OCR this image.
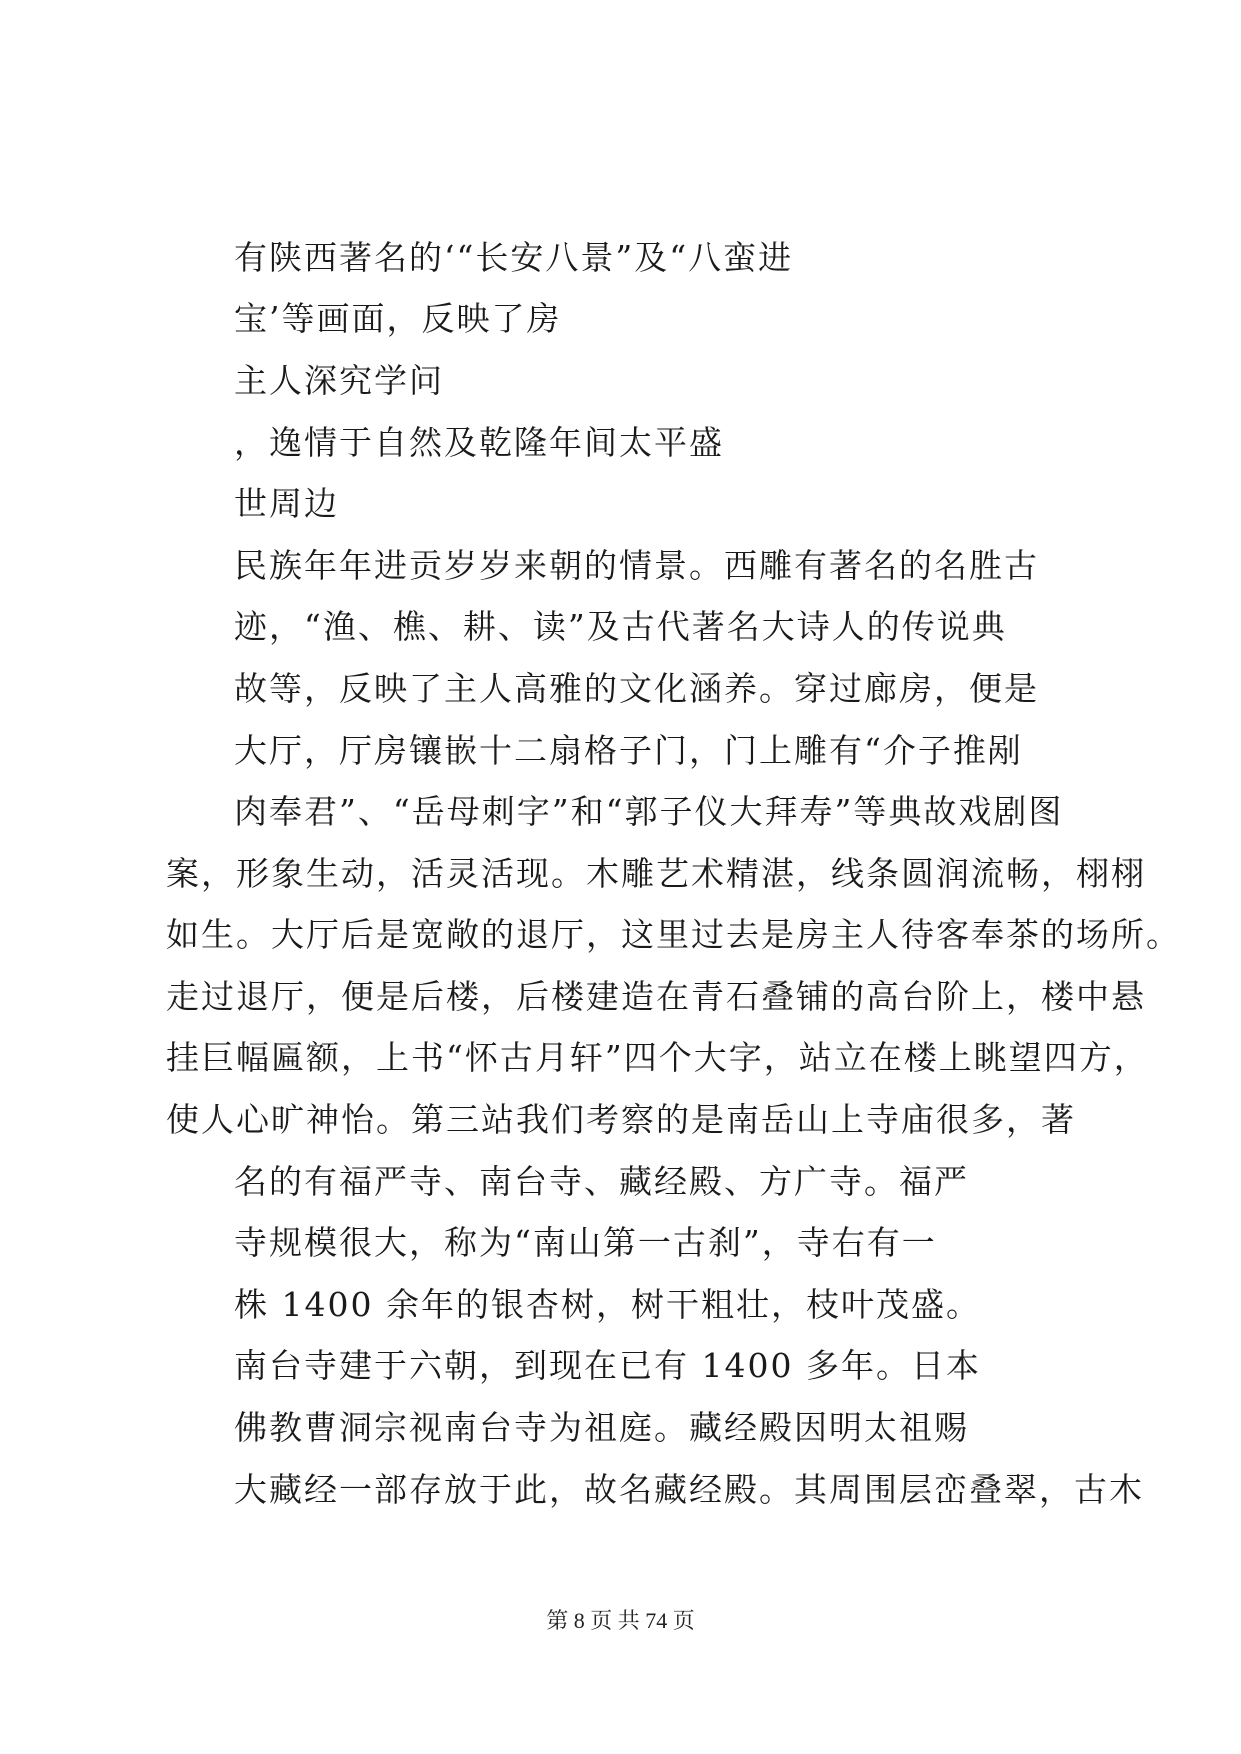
有陕西著名的‘“长安八景”及“八蛮进
宝’等画面，反映了房
主人深究学问
，逸情于自然及乾隆年间太平盛
世周边
民族年年进贡岁岁来朝的情景。西雕有著名的名胜古
迹，“渔、樵、耕、读”及古代著名大诗人的传说典
故等，反映了主人高雅的文化涵养。穿过廊房，便是
大厅，厅房镶嵌十二扇格子门，门上雕有“介子推剐
肉奉君”、“岳母刺字”和“郭子仪大拜寿”等典故戏剧图
案，形象生动，活灵活现。木雕艺术精湛，线条圆润流畅，栩栩
如生。大厅后是宽敞的退厅，这里过去是房主人待客奉茶的场所。
走过退厅，便是后楼，后楼建造在青石叠铺的高台阶上，楼中悬
挂巨幅匾额，上书“怀古月轩”四个大字，站立在楼上眺望四方，
使人心旷神怡。第三站我们考察的是南岳山上寺庙很多，著
名的有福严寺、南台寺、藏经殿、方广寺。福严
寺规模很大，称为“南山第一古刹”，寺右有一
株 1400 余年的银杏树，树干粗壮，枝叶茂盛。
南台寺建于六朝，到现在已有 1400 多年。日本
佛教曹洞宗视南台寺为祖庭。藏经殿因明太祖赐
大藏经一部存放于此，故名藏经殿。其周围层峦叠翠，古木
第 8 页 共 74 页
